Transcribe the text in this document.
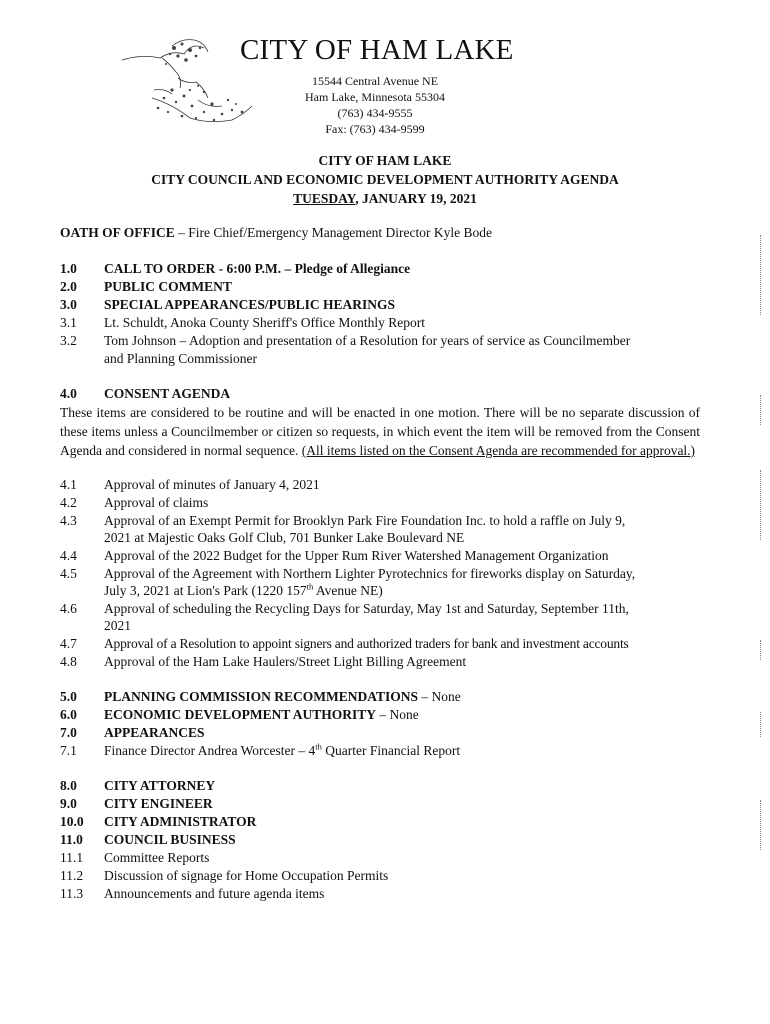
CITY OF HAM LAKE
15544 Central Avenue NE
Ham Lake, Minnesota 55304
(763) 434-9555
Fax: (763) 434-9599
CITY OF HAM LAKE
CITY COUNCIL AND ECONOMIC DEVELOPMENT AUTHORITY AGENDA
TUESDAY, JANUARY 19, 2021
OATH OF OFFICE – Fire Chief/Emergency Management Director Kyle Bode
1.0 CALL TO ORDER - 6:00 P.M. – Pledge of Allegiance
2.0 PUBLIC COMMENT
3.0 SPECIAL APPEARANCES/PUBLIC HEARINGS
3.1 Lt. Schuldt, Anoka County Sheriff's Office Monthly Report
3.2 Tom Johnson – Adoption and presentation of a Resolution for years of service as Councilmember
and Planning Commissioner
4.0 CONSENT AGENDA
These items are considered to be routine and will be enacted in one motion. There will be no separate discussion of these items unless a Councilmember or citizen so requests, in which event the item will be removed from the Consent Agenda and considered in normal sequence. (All items listed on the Consent Agenda are recommended for approval.)
4.1 Approval of minutes of January 4, 2021
4.2 Approval of claims
4.3 Approval of an Exempt Permit for Brooklyn Park Fire Foundation Inc. to hold a raffle on July 9,
2021 at Majestic Oaks Golf Club, 701 Bunker Lake Boulevard NE
4.4 Approval of the 2022 Budget for the Upper Rum River Watershed Management Organization
4.5 Approval of the Agreement with Northern Lighter Pyrotechnics for fireworks display on Saturday,
July 3, 2021 at Lion's Park (1220 157th Avenue NE)
4.6 Approval of scheduling the Recycling Days for Saturday, May 1st and Saturday, September 11th,
2021
4.7 Approval of a Resolution to appoint signers and authorized traders for bank and investment accounts
4.8 Approval of the Ham Lake Haulers/Street Light Billing Agreement
5.0 PLANNING COMMISSION RECOMMENDATIONS – None
6.0 ECONOMIC DEVELOPMENT AUTHORITY – None
7.0 APPEARANCES
7.1 Finance Director Andrea Worcester – 4th Quarter Financial Report
8.0 CITY ATTORNEY
9.0 CITY ENGINEER
10.0 CITY ADMINISTRATOR
11.0 COUNCIL BUSINESS
11.1 Committee Reports
11.2 Discussion of signage for Home Occupation Permits
11.3 Announcements and future agenda items
